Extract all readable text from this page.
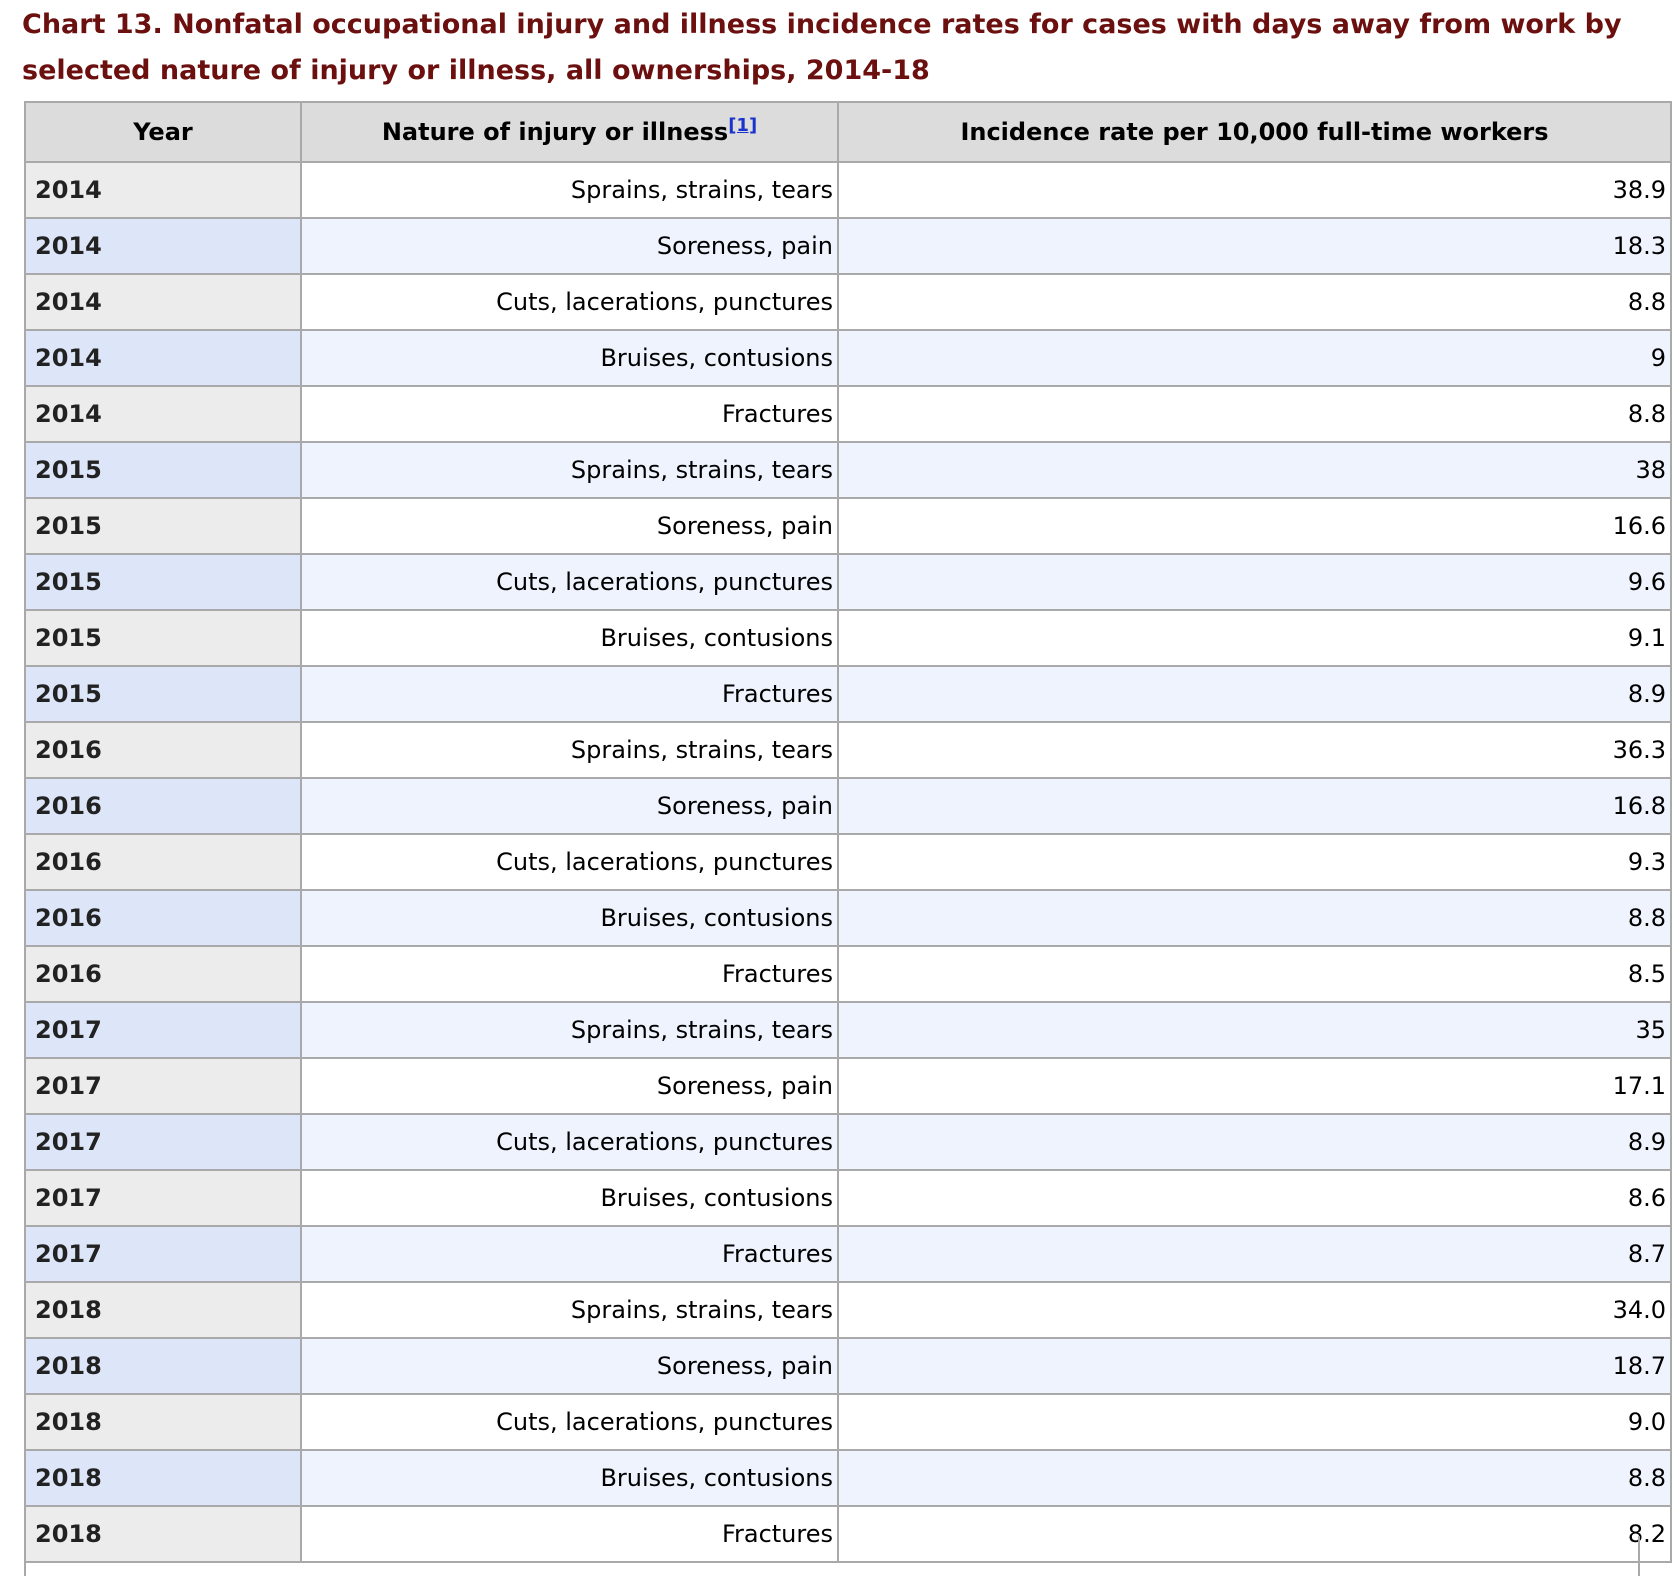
Chart 13. Nonfatal occupational injury and illness incidence rates for cases with days away from work by selected nature of injury or illness, all ownerships, 2014-18
Year	Nature of injury or illness[1]	Incidence rate per 10,000 full-time workers
2014	Sprains, strains, tears	38.9
2014	Soreness, pain	18.3
2014	Cuts, lacerations, punctures	8.8
2014	Bruises, contusions	9
2014	Fractures	8.8
2015	Sprains, strains, tears	38
2015	Soreness, pain	16.6
2015	Cuts, lacerations, punctures	9.6
2015	Bruises, contusions	9.1
2015	Fractures	8.9
2016	Sprains, strains, tears	36.3
2016	Soreness, pain	16.8
2016	Cuts, lacerations, punctures	9.3
2016	Bruises, contusions	8.8
2016	Fractures	8.5
2017	Sprains, strains, tears	35
2017	Soreness, pain	17.1
2017	Cuts, lacerations, punctures	8.9
2017	Bruises, contusions	8.6
2017	Fractures	8.7
2018	Sprains, strains, tears	34.0
2018	Soreness, pain	18.7
2018	Cuts, lacerations, punctures	9.0
2018	Bruises, contusions	8.8
2018	Fractures	8.2
